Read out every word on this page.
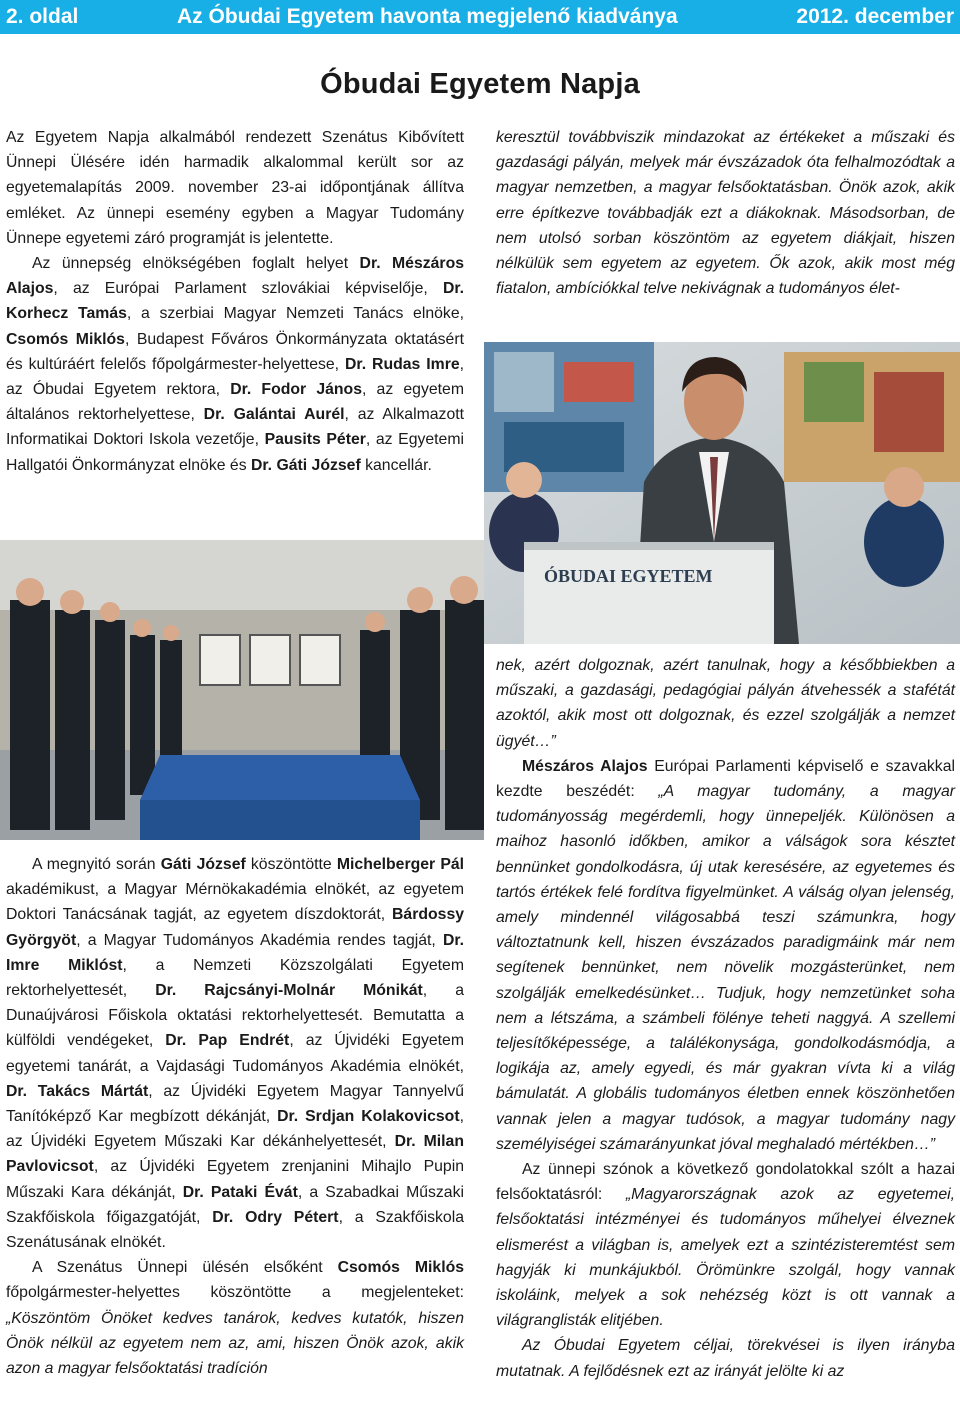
2. oldal	Az Óbudai Egyetem havonta megjelenő kiadványa	2012. december
Óbudai Egyetem Napja

Az Egyetem Napja alkalmából rendezett Szenátus Kibővített Ünnepi Ülésére idén harmadik alkalommal került sor az egyetemalapítás 2009. november 23-ai időpontjának állítva emléket. Az ünnepi esemény egyben a Magyar Tudomány Ünnepe egyetemi záró programját is jelentette.

Az ünnepség elnökségében foglalt helyet Dr. Mészáros Alajos, az Európai Parlament szlovákiai képviselője, Dr. Korhecz Tamás, a szerbiai Magyar Nemzeti Tanács elnöke, Csomós Miklós, Budapest Főváros Önkormányzata oktatásért és kultúráért felelős főpolgármester-helyettese, Dr. Rudas Imre, az Óbudai Egyetem rektora, Dr. Fodor János, az egyetem általános rektorhelyettese, Dr. Galántai Aurél, az Alkalmazott Informatikai Doktori Iskola vezetője, Pausits Péter, az Egyetemi Hallgatói Önkormányzat elnöke és Dr. Gáti József kancellár.

keresztül továbbviszik mindazokat az értékeket a műszaki és gazdasági pályán, melyek már évszázadok óta felhalmozódtak a magyar nemzetben, a magyar felsőoktatásban. Önök azok, akik erre építkezve továbbadják ezt a diákoknak. Másodsorban, de nem utolsó sorban köszöntöm az egyetem diákjait, hiszen nélkülük sem egyetem az egyetem. Ők azok, akik most még fiatalon, ambíciókkal telve nekivágnak a tudományos élet-

ÓBUDAI EGYETEM

A megnyitó során Gáti József köszöntötte Michelberger Pál akadémikust, a Magyar Mérnökakadémia elnökét, az egyetem Doktori Tanácsának tagját, az egyetem díszdoktorát, Bárdossy Györgyöt, a Magyar Tudományos Akadémia rendes tagját, Dr. Imre Miklóst, a Nemzeti Közszolgálati Egyetem rektorhelyettesét, Dr. Rajcsányi-Molnár Mónikát, a Dunaújvárosi Főiskola oktatási rektorhelyettesét. Bemutatta a külföldi vendégeket, Dr. Pap Endrét, az Újvidéki Egyetem egyetemi tanárát, a Vajdasági Tudományos Akadémia elnökét, Dr. Takács Mártát, az Újvidéki Egyetem Magyar Tannyelvű Tanítóképző Kar megbízott dékánját, Dr. Srdjan Kolakovicsot, az Újvidéki Egyetem Műszaki Kar dékánhelyettesét, Dr. Milan Pavlovicsot, az Újvidéki Egyetem zrenjanini Mihajlo Pupin Műszaki Kara dékánját, Dr. Pataki Évát, a Szabadkai Műszaki Szakfőiskola főigazgatóját, Dr. Odry Pétert, a Szakfőiskola Szenátusának elnökét.

A Szenátus Ünnepi ülésén elsőként Csomós Miklós főpolgármester-helyettes köszöntötte a megjelenteket: „Köszöntöm Önöket kedves tanárok, kedves kutatók, hiszen Önök nélkül az egyetem nem az, ami, hiszen Önök azok, akik azon a magyar felsőoktatási tradíción

nek, azért dolgoznak, azért tanulnak, hogy a későbbiekben a műszaki, a gazdasági, pedagógiai pályán átvehessék a stafétát azoktól, akik most ott dolgoznak, és ezzel szolgálják a nemzet ügyét…”

Mészáros Alajos Európai Parlamenti képviselő e szavakkal kezdte beszédét: „A magyar tudomány, a magyar tudományosság megérdemli, hogy ünnepeljék. Különösen a maihoz hasonló időkben, amikor a válságok sora késztet bennünket gondolkodásra, új utak keresésére, az egyetemes és tartós értékek felé fordítva figyelmünket. A válság olyan jelenség, amely mindennél világosabbá teszi számunkra, hogy változtatnunk kell, hiszen évszázados paradigmáink már nem segítenek bennünket, nem növelik mozgásterünket, nem szolgálják emelkedésünket… Tudjuk, hogy nemzetünket soha nem a létszáma, a számbeli fölénye teheti naggyá. A szellemi teljesítőképessége, a találékonysága, gondolkodásmódja, a logikája az, amely egyedi, és már gyakran vívta ki a világ bámulatát. A globális tudományos életben ennek köszönhetően vannak jelen a magyar tudósok, a magyar tudomány nagy személyiségei számarányunkat jóval meghaladó mértékben…”

Az ünnepi szónok a következő gondolatokkal szólt a hazai felsőoktatásról: „Magyarországnak azok az egyetemei, felsőoktatási intézményei és tudományos műhelyei élveznek elismerést a világban is, amelyek ezt a szintézisteremtést sem hagyják ki munkájukból. Örömünkre szolgál, hogy vannak iskoláink, melyek a sok nehézség közt is ott vannak a világranglisták elitjében.

Az Óbudai Egyetem céljai, törekvései is ilyen irányba mutatnak. A fejlődésnek ezt az irányát jelölte ki az
